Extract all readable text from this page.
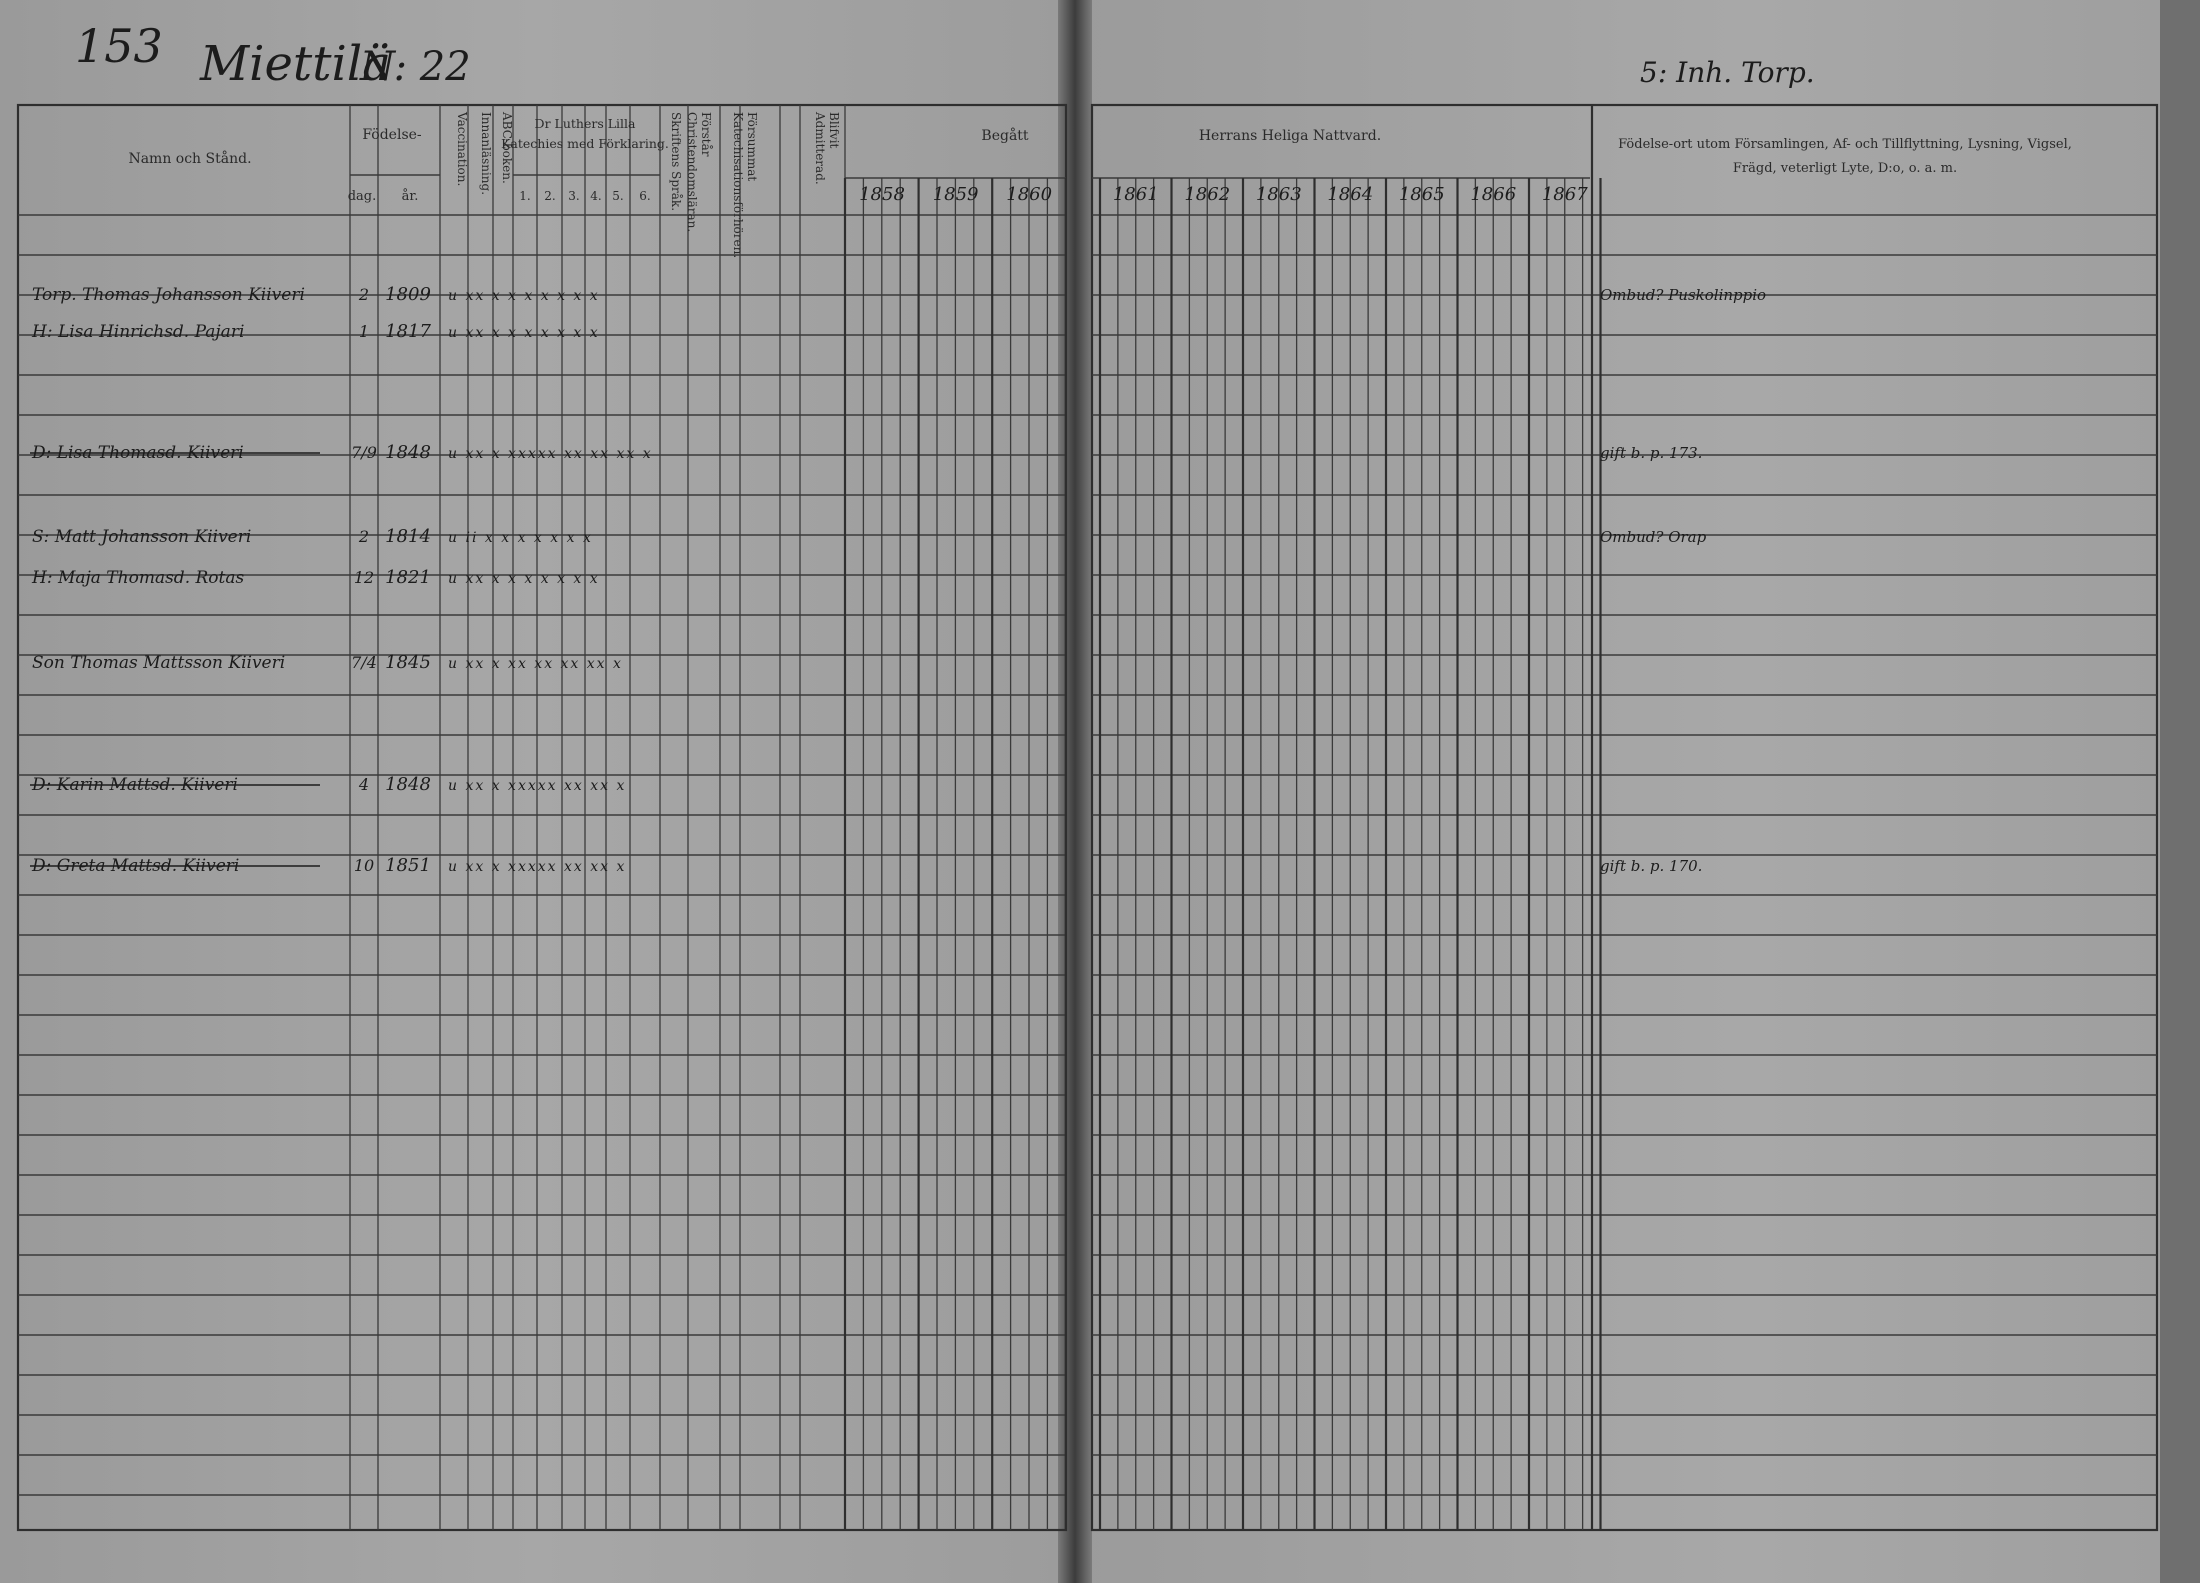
153 Miettilä
N: 22	5: Inh. Torp.
Namn och Stånd.
Födelse-
dag. år.
Vaccination. Innanläsning. ABC-boken.	Dr Luthers Lilla Katechies med Förklaring.
1. 2. 3. 4. 5. 6. Skriftens Språk.	FörstårChristendomsläran.	FörsummatKatechisationsförhören.	BlifvitAdmitterad.	Begått	Herrans Heliga Nattvard.
Födelse-ort utom Församlingen, Af- och Tillflyttning, Lysning, Vigsel, Frägd, veterligt Lyte, D:o, o. a. m.
1858 1859 1860	1861 1862 1863 1864 1865 1866 1867
Torp. Thomas Johansson Kiiveri	2 1809 u xx x x x x x x x	Ombud? Puskolinppio
H: Lisa Hinrichsd. Pajari	1 1817 u xx x x x x x x x
D: Lisa Thomasd. Kiiveri	7/9 1848 u xx x xxxxx xx xx xx x	gift b. p. 173.
S: Matt Johansson Kiiveri	2 1814 u ii x x x x x x x	Ombud? Orap
H: Maja Thomasd. Rotas	12 1821 u xx x x x x x x x
Son Thomas Mattsson Kiiveri	7/4 1845 u xx x xx xx xx xx x
D: Karin Mattsd. Kiiveri	4 1848 u xx x xxxxx xx xx x
D: Greta Mattsd. Kiiveri	10 1851 u xx x xxxxx xx xx x	gift b. p. 170.
